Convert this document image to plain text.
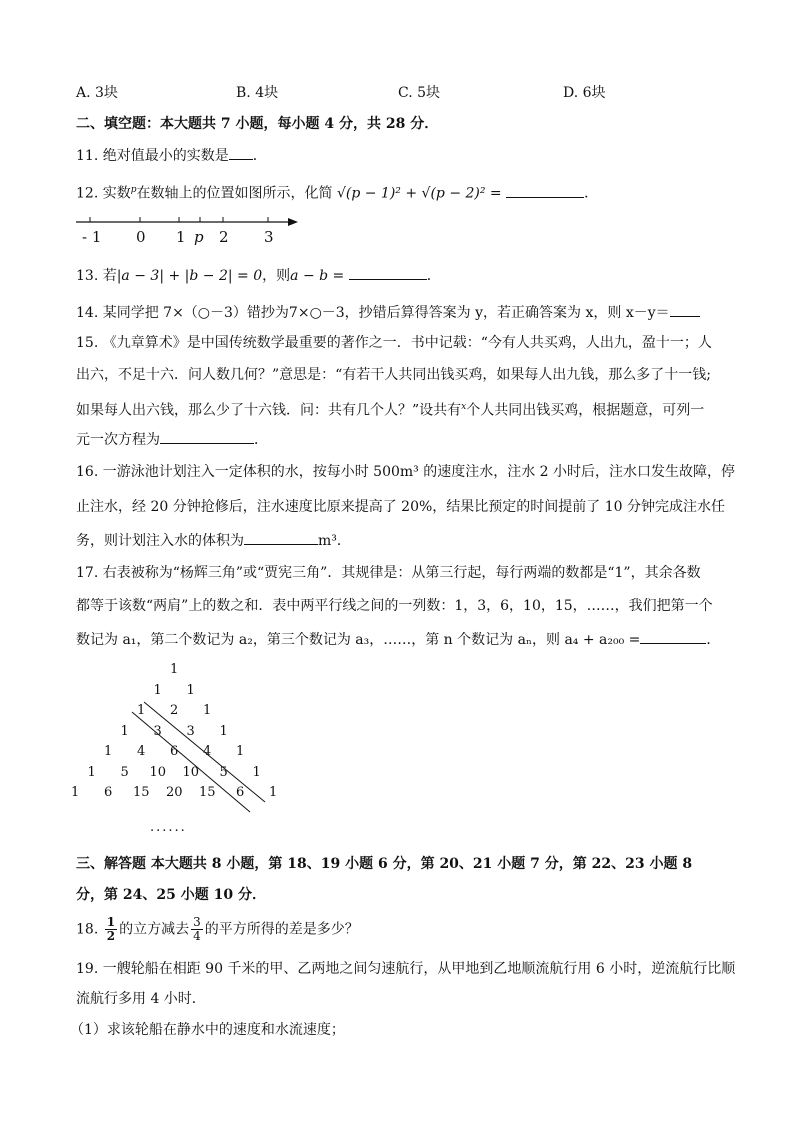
A. 3块	B. 4块	C. 5块	D. 6块
二、填空题：本大题共 7 小题，每小题 4 分，共 28 分．
11. 绝对值最小的实数是 ．
12. 实数$^p$在数轴上的位置如图所示，化简 √(p − 1)² + √(p − 2)² =	．
- 1 0 1 p 2 3
13. 若|a − 3| + |b − 2| = 0，则a − b =	．
14. 某同学把 7×（○－3）错抄为7×○－3，抄错后算得答案为 y，若正确答案为 x，则 x－y＝
15. 《九章算术》是中国传统数学最重要的著作之一．书中记载：“今有人共买鸡，人出九，盈十一；人
出六，不足十六．问人数几何？”意思是：“有若干人共同出钱买鸡，如果每人出九钱，那么多了十一钱;
如果每人出六钱，那么少了十六钱．问：共有几个人？”设共有$^x$个人共同出钱买鸡，根据题意，可列一
元一次方程为	．
16. 一游泳池计划注入一定体积的水，按每小时 500m³ 的速度注水，注水 2 小时后，注水口发生故障，停
止注水，经 20 分钟抢修后，注水速度比原来提高了 20%，结果比预定的时间提前了 10 分钟完成注水任
务，则计划注入水的体积为	m³．
17. 右表被称为“杨辉三角”或“贾宪三角”．其规律是：从第三行起，每行两端的数都是“1”，其余各数
都等于该数“两肩”上的数之和．表中两平行线之间的一列数：1，3，6，10，15，……，我们把第一个
数记为 a₁，第二个数记为 a₂，第三个数记为 a₃，……，第 n 个数记为 aₙ，则 a₄ + a₂₀₀ =	．
1
1 1
1 2 1
1 3 3 1
1 4 6 4 1
1 5 10 10 5 1
1 6 15 20 15 6 1
......
三、解答题 本大题共 8 小题，第 18、19 小题 6 分，第 20、21 小题 7 分，第 22、23 小题 8
分，第 24、25 小题 10 分．
18. $\frac{1}{2}$ 的立方减去 $\frac{3}{4}$ 的平方所得的差是多少？
19. 一艘轮船在相距 90 千米的甲、乙两地之间匀速航行，从甲地到乙地顺流航行用 6 小时，逆流航行比顺
流航行多用 4 小时．
（1）求该轮船在静水中的速度和水流速度；
